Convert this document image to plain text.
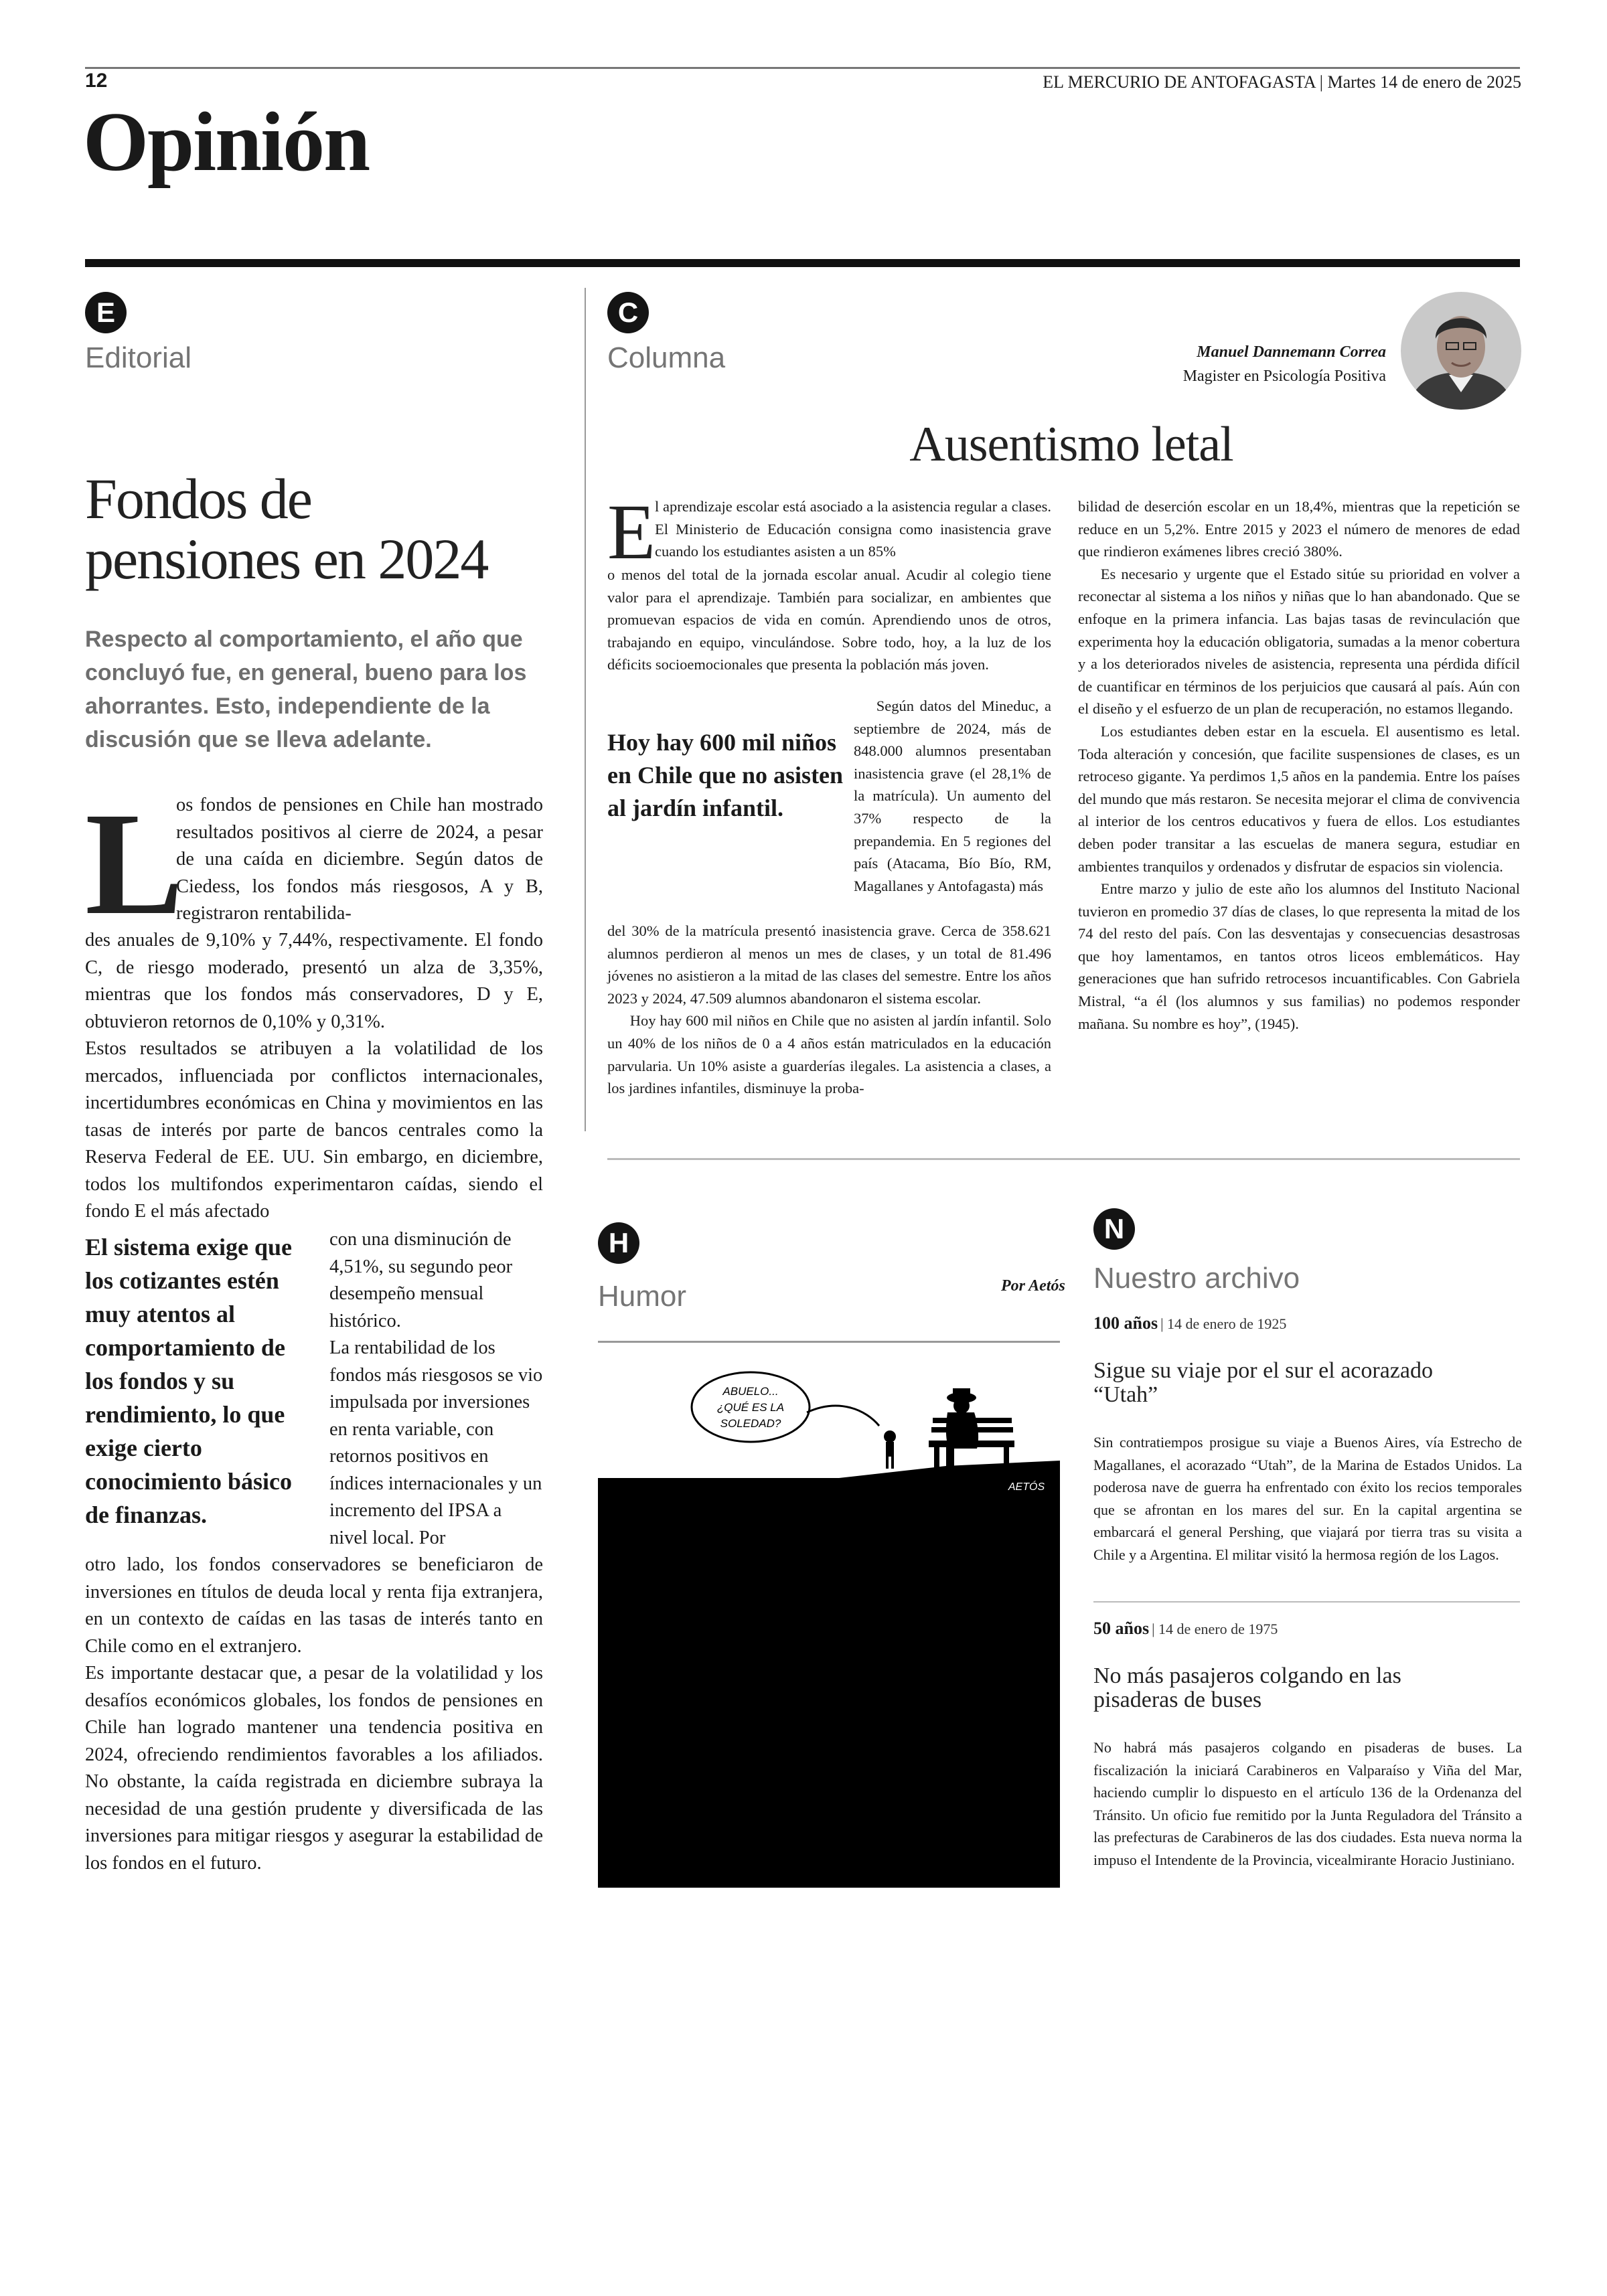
12	EL MERCURIO DE ANTOFAGASTA | Martes 14 de enero de 2025
Opinión
E
Editorial
Fondos de
pensiones en 2024
Respecto al comportamiento, el año que concluyó fue, en general, bueno para los ahorrantes. Esto, independiente de la discusión que se lleva adelante.
L
os fondos de pensiones en Chile han mostrado resultados positivos al cierre de 2024, a pesar de una caída en diciembre. Según datos de Ciedess, los fondos más riesgosos, A y B, registraron rentabilida-

des anuales de 9,10% y 7,44%, respectivamente. El fondo C, de riesgo moderado, presentó un alza de 3,35%, mientras que los fondos más conservadores, D y E, obtuvieron retornos de 0,10% y 0,31%.

Estos resultados se atribuyen a la volatilidad de los mercados, influenciada por conflictos internacionales, incertidumbres económicas en China y movimientos en las tasas de interés por parte de bancos centrales como la Reserva Federal de EE. UU. Sin embargo, en diciembre, todos los multifondos experimentaron caídas, siendo el fondo E el más afectado

El sistema exige que los cotizantes estén muy atentos al comportamiento de los fondos y su rendimiento, lo que exige cierto conocimiento básico de finanzas.

con una disminución de 4,51%, su segundo peor desempeño mensual histórico.

La rentabilidad de los fondos más riesgosos se vio impulsada por inversiones en renta variable, con retornos positivos en índices internacionales y un incremento del IPSA a nivel local. Por

otro lado, los fondos conservadores se beneficiaron de inversiones en títulos de deuda local y renta fija extranjera, en un contexto de caídas en las tasas de interés tanto en Chile como en el extranjero.

Es importante destacar que, a pesar de la volatilidad y los desafíos económicos globales, los fondos de pensiones en Chile han logrado mantener una tendencia positiva en 2024, ofreciendo rendimientos favorables a los afiliados. No obstante, la caída registrada en diciembre subraya la necesidad de una gestión prudente y diversificada de las inversiones para mitigar riesgos y asegurar la estabilidad de los fondos en el futuro.

C
Columna	Manuel Dannemann Correa
Magister en Psicología Positiva
Ausentismo letal
E

l aprendizaje escolar está asociado a la asistencia regular a clases. El Ministerio de Educación consigna como inasistencia grave cuando los estudiantes asisten a un 85%

o menos del total de la jornada escolar anual. Acudir al colegio tiene valor para el aprendizaje. También para socializar, en ambientes que promuevan espacios de vida en común. Aprendiendo unos de otros, trabajando en equipo, vinculándose. Sobre todo, hoy, a la luz de los déficits socioemocionales que presenta la población más joven.

Hoy hay 600 mil niños en Chile que no asisten al jardín infantil.

Según datos del Mineduc, a septiembre de 2024, más de 848.000 alumnos presentaban inasistencia grave (el 28,1% de la matrícula). Un aumento del 37% respecto de la prepandemia. En 5 regiones del país (Atacama, Bío Bío, RM, Magallanes y Antofagasta) más

del 30% de la matrícula presentó inasistencia grave. Cerca de 358.621 alumnos perdieron al menos un mes de clases, y un total de 81.496 jóvenes no asistieron a la mitad de las clases del semestre. Entre los años 2023 y 2024, 47.509 alumnos abandonaron el sistema escolar.

Hoy hay 600 mil niños en Chile que no asisten al jardín infantil. Solo un 40% de los niños de 0 a 4 años están matriculados en la educación parvularia. Un 10% asiste a guarderías ilegales. La asistencia a clases, a los jardines infantiles, disminuye la proba-

bilidad de deserción escolar en un 18,4%, mientras que la repetición se reduce en un 5,2%. Entre 2015 y 2023 el número de menores de edad que rindieron exámenes libres creció 380%.

Es necesario y urgente que el Estado sitúe su prioridad en volver a reconectar al sistema a los niños y niñas que lo han abandonado. Que se enfoque en la primera infancia. Las bajas tasas de revinculación que experimenta hoy la educación obligatoria, sumadas a la menor cobertura y a los deteriorados niveles de asistencia, representa una pérdida difícil de cuantificar en términos de los perjuicios que causará al país. Aún con el diseño y el esfuerzo de un plan de recuperación, no estamos llegando.

Los estudiantes deben estar en la escuela. El ausentismo es letal. Toda alteración y concesión, que facilite suspensiones de clases, es un retroceso gigante. Ya perdimos 1,5 años en la pandemia. Entre los países del mundo que más restaron. Se necesita mejorar el clima de convivencia al interior de los centros educativos y fuera de ellos. Los estudiantes deben poder transitar a las escuelas de manera segura, estudiar en ambientes tranquilos y ordenados y disfrutar de espacios sin violencia.

Entre marzo y julio de este año los alumnos del Instituto Nacional tuvieron en promedio 37 días de clases, lo que representa la mitad de los 74 del resto del país. Con las desventajas y consecuencias desastrosas que hoy lamentamos, en tantos otros liceos emblemáticos. Hay generaciones que han sufrido retrocesos incuantificables. Con Gabriela Mistral, “a él (los alumnos y sus familias) no podemos responder mañana. Su nombre es hoy”, (1945).

H
Humor	Por Aetós
ABUELO...
¿QUÉ ES LA
SOLEDAD?
AETÓS
N
Nuestro archivo
100 años | 14 de enero de 1925
Sigue su viaje por el sur el acorazado
“Utah”

Sin contratiempos prosigue su viaje a Buenos Aires, vía Estrecho de Magallanes, el acorazado “Utah”, de la Marina de Estados Unidos. La poderosa nave de guerra ha enfrentado con éxito los recios temporales que se afrontan en los mares del sur. En la capital argentina se embarcará el general Pershing, que viajará por tierra tras su visita a Chile y a Argentina. El militar visitó la hermosa región de los Lagos.

50 años | 14 de enero de 1975
No más pasajeros colgando en las
pisaderas de buses

No habrá más pasajeros colgando en pisaderas de buses. La fiscalización la iniciará Carabineros en Valparaíso y Viña del Mar, haciendo cumplir lo dispuesto en el artículo 136 de la Ordenanza del Tránsito. Un oficio fue remitido por la Junta Reguladora del Tránsito a las prefecturas de Carabineros de las dos ciudades. Esta nueva norma la impuso el Intendente de la Provincia, vicealmirante Horacio Justiniano.
